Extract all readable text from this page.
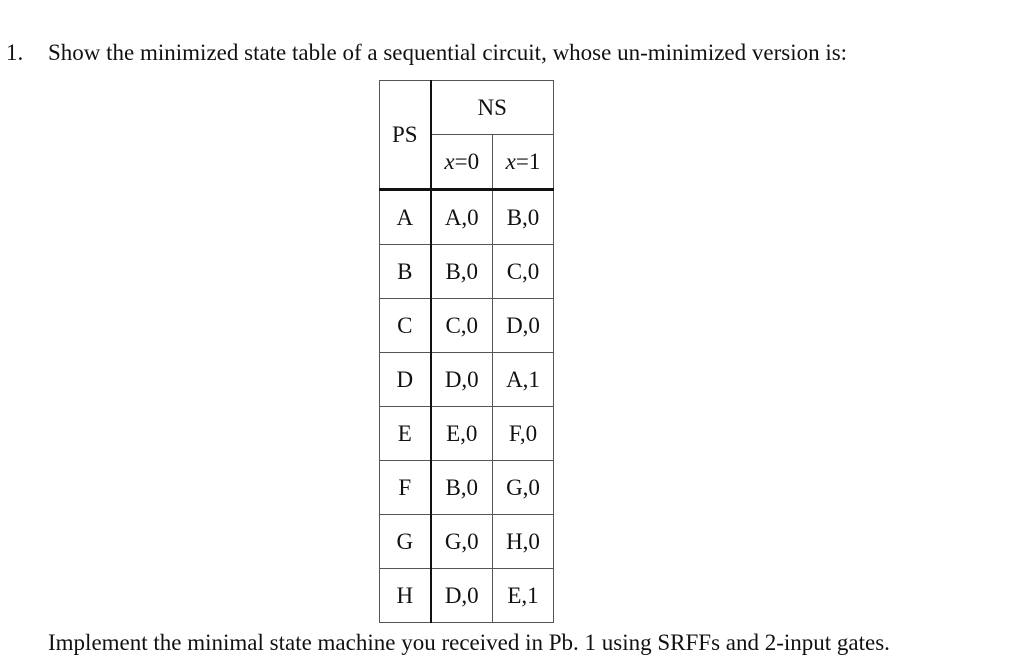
1. Show the minimized state table of a sequential circuit, whose un-minimized version is:
PS	NS	
	x=0	x=1
A	A,0	B,0
B	B,0	C,0
C	C,0	D,0
D	D,0	A,1
E	E,0	F,0
F	B,0	G,0
G	G,0	H,0
H	D,0	E,1
Implement the minimal state machine you received in Pb. 1 using SRFFs and 2-input gates.
